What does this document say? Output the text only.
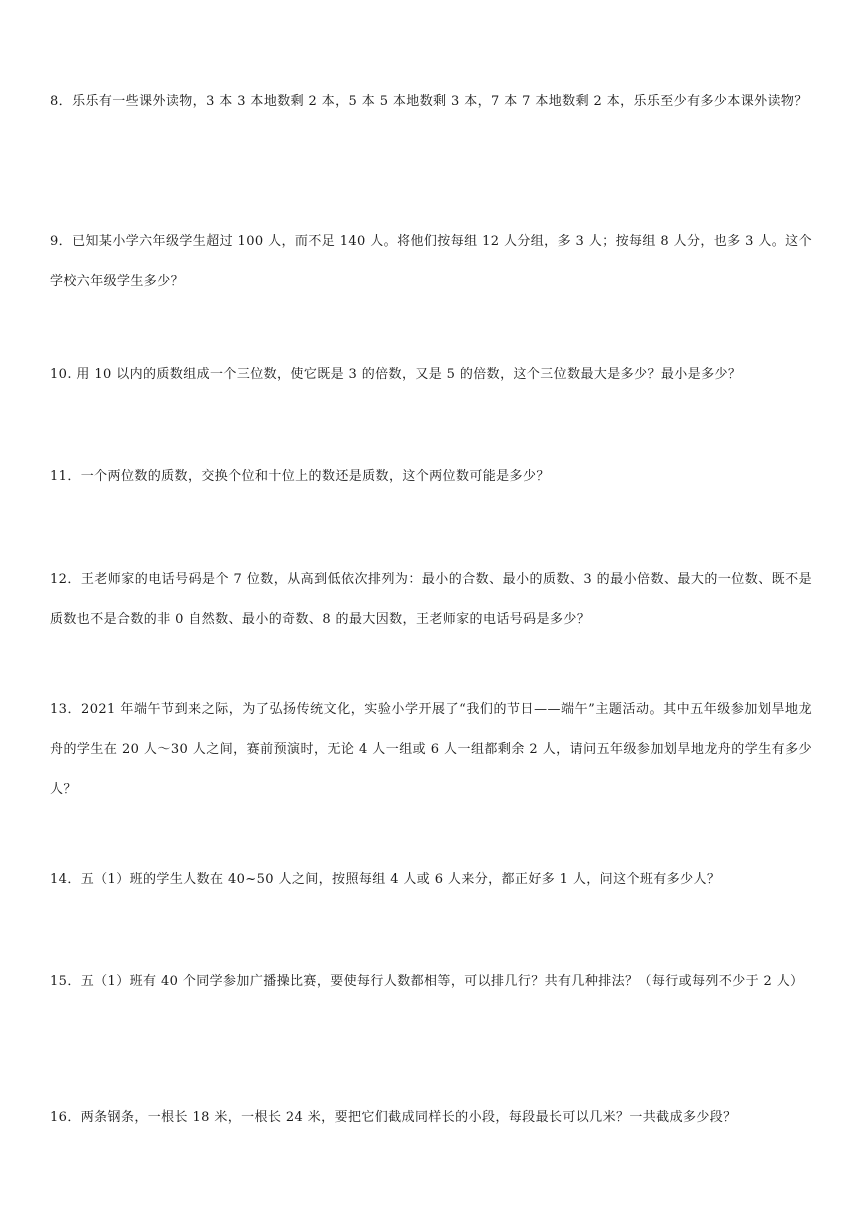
8．乐乐有一些课外读物，3 本 3 本地数剩 2 本，5 本 5 本地数剩 3 本，7 本 7 本地数剩 2 本，乐乐至少有多少本课外读物？

9．已知某小学六年级学生超过 100 人，而不足 140 人。将他们按每组 12 人分组，多 3 人；按每组 8 人分，也多 3 人。这个学校六年级学生多少？

10. 用 10 以内的质数组成一个三位数，使它既是 3 的倍数，又是 5 的倍数，这个三位数最大是多少？最小是多少？

11．一个两位数的质数，交换个位和十位上的数还是质数，这个两位数可能是多少？

12．王老师家的电话号码是个 7 位数，从高到低依次排列为：最小的合数、最小的质数、3 的最小倍数、最大的一位数、既不是质数也不是合数的非 0 自然数、最小的奇数、8 的最大因数，王老师家的电话号码是多少？

13．2021 年端午节到来之际，为了弘扬传统文化，实验小学开展了“我们的节日——端午”主题活动。其中五年级参加划旱地龙舟的学生在 20 人～30 人之间，赛前预演时，无论 4 人一组或 6 人一组都剩余 2 人，请问五年级参加划旱地龙舟的学生有多少人？

14．五（1）班的学生人数在 40~50 人之间，按照每组 4 人或 6 人来分，都正好多 1 人，问这个班有多少人？

15．五（1）班有 40 个同学参加广播操比赛，要使每行人数都相等，可以排几行？共有几种排法？（每行或每列不少于 2 人）

16．两条钢条，一根长 18 米，一根长 24 米，要把它们截成同样长的小段，每段最长可以几米？一共截成多少段？
